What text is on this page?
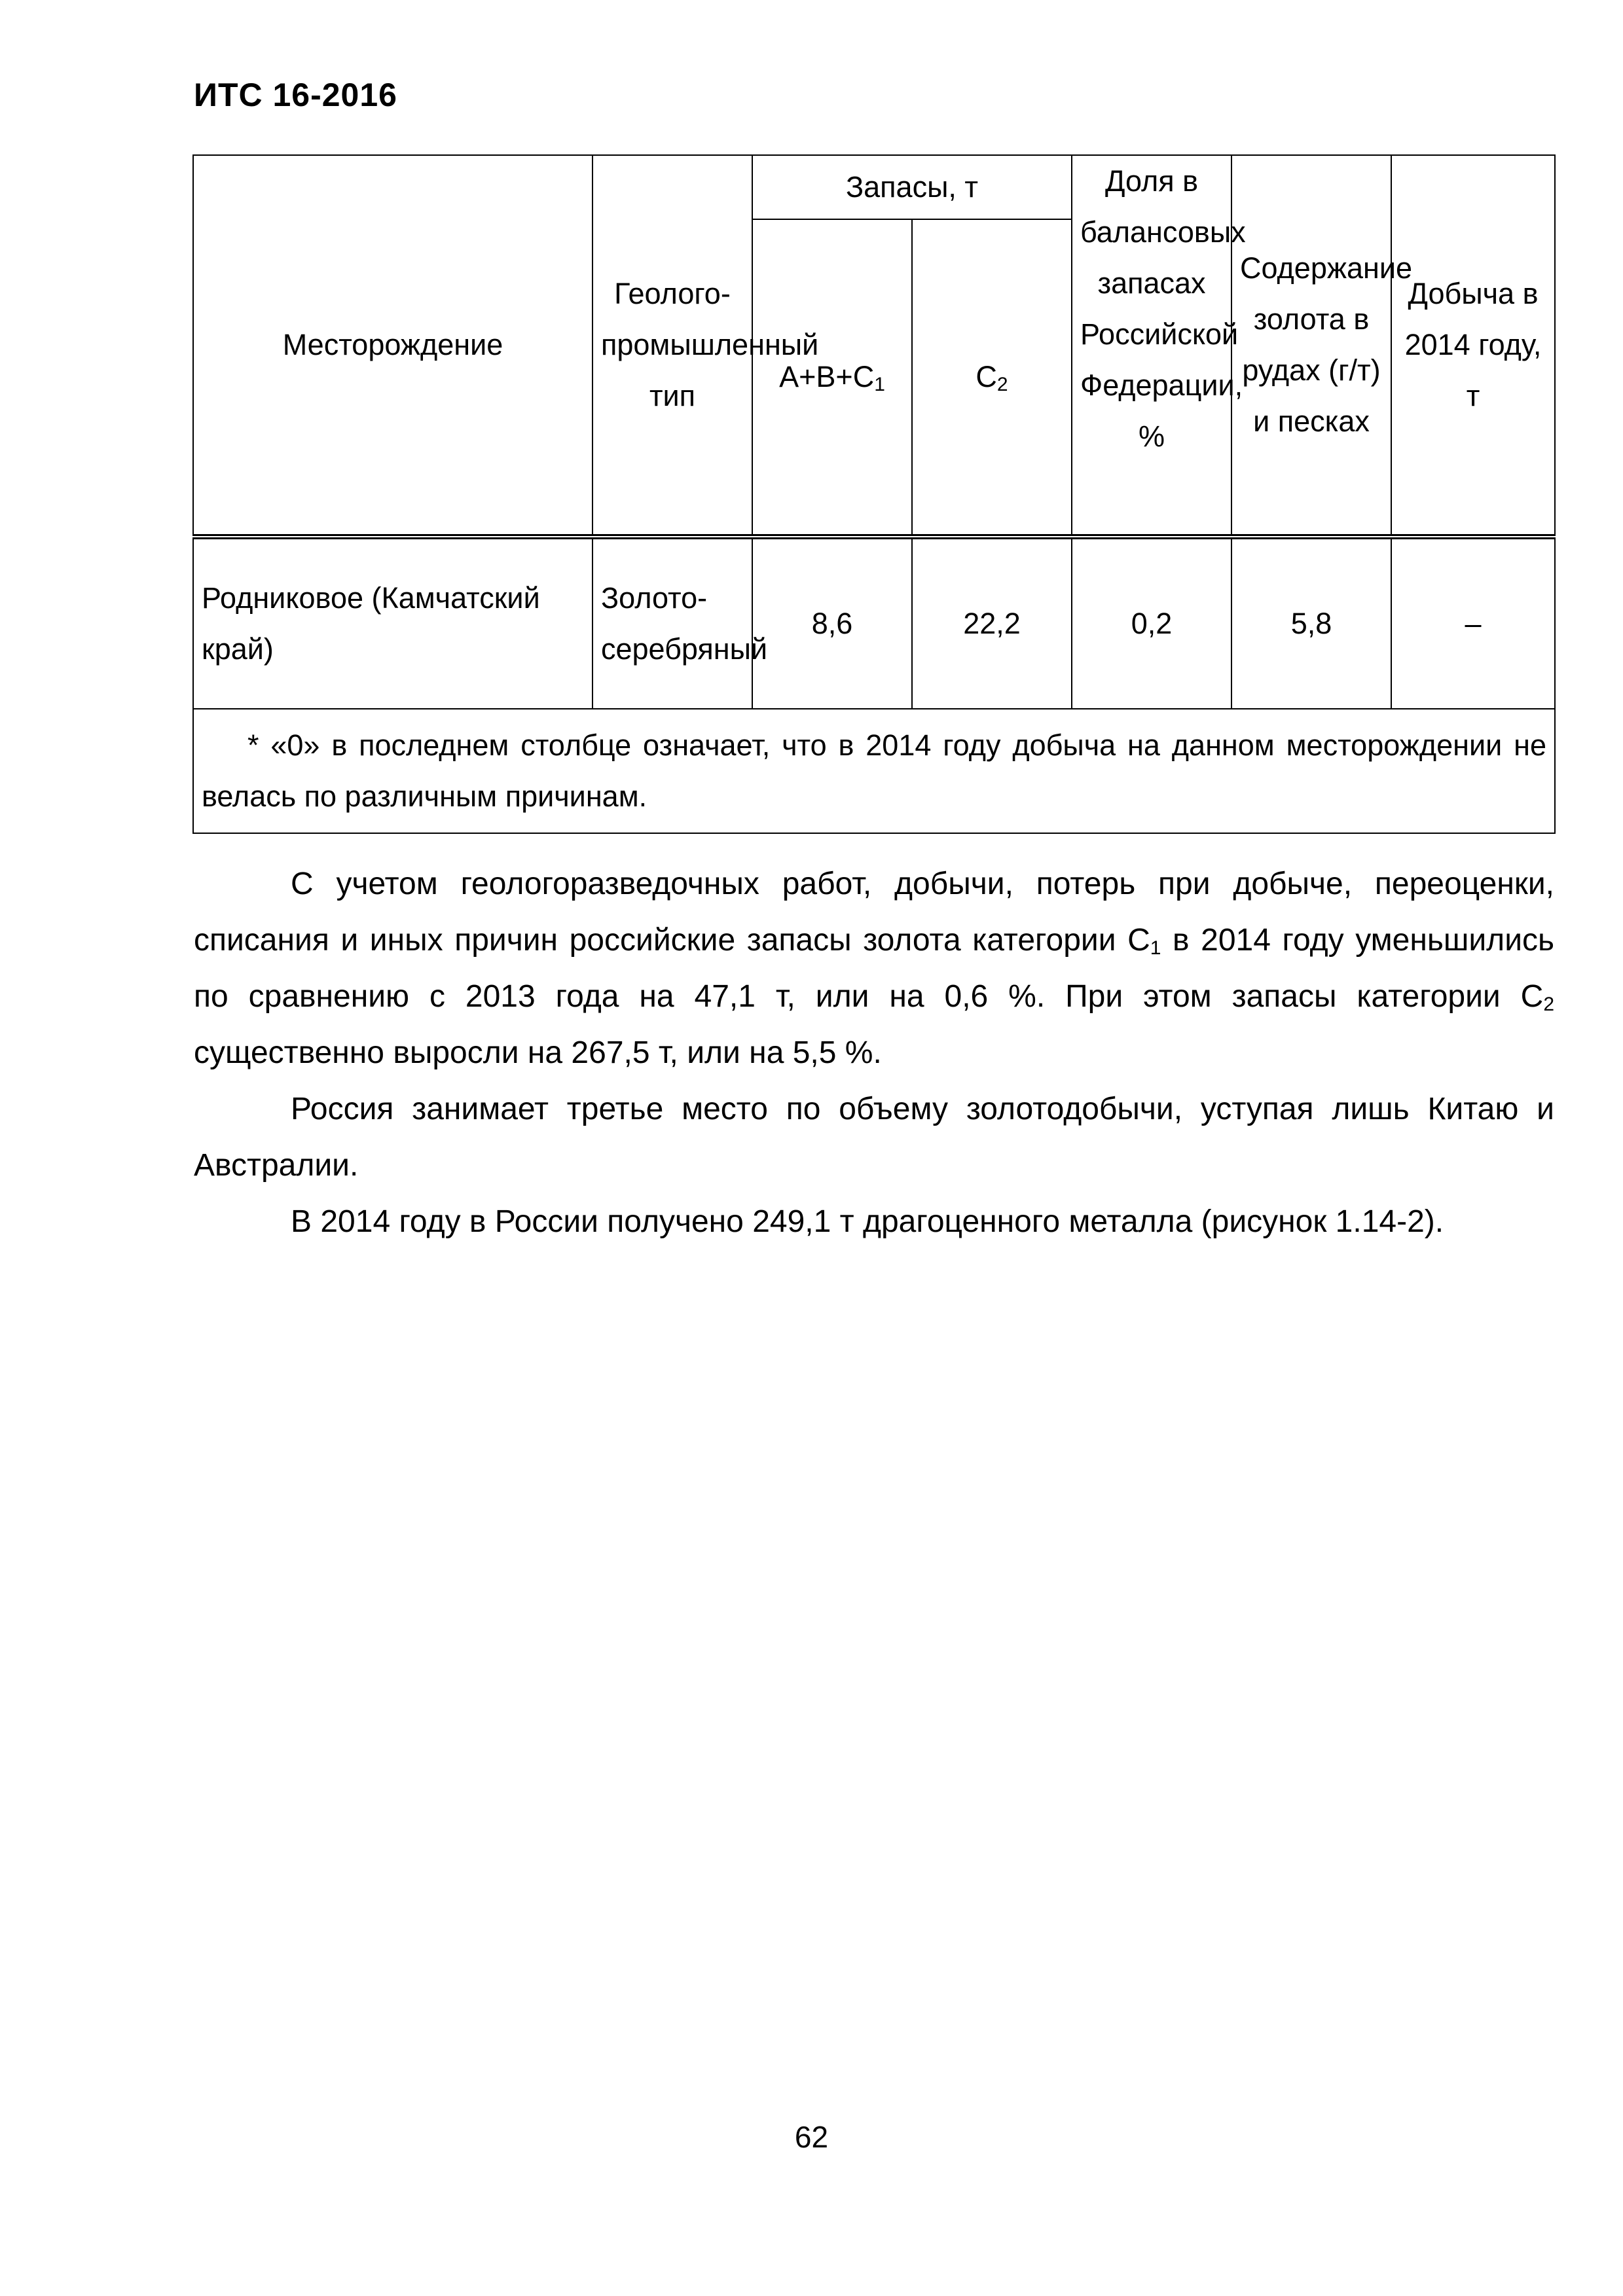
ИТС 16-2016
Месторождение	Геолого-промышленный тип	Запасы, т		Доля в балансовых запасах Российской Федерации, %	Содержание золота в рудах (г/т) и песках	Добыча в 2014 году, т
		$А+В+С_1$	$С_2$
Родниковое (Камчатский край)	Золото-серебряный	8,6	22,2	0,2	5,8	–

* «0» в последнем столбце означает, что в 2014 году добыча на данном месторождении не велась по различным причинам.						

С учетом геологоразведочных работ, добычи, потерь при добыче, переоценки, списания и иных причин российские запасы золота категории $С_1$ в 2014 году уменьшились по сравнению с 2013 года на 47,1 т, или на 0,6 %. При этом запасы категории $С_2$ существенно выросли на 267,5 т, или на 5,5 %.

Россия занимает третье место по объему золотодобычи, уступая лишь Китаю и Австралии.

В 2014 году в России получено 249,1 т драгоценного металла (рисунок 1.14-2).

62
